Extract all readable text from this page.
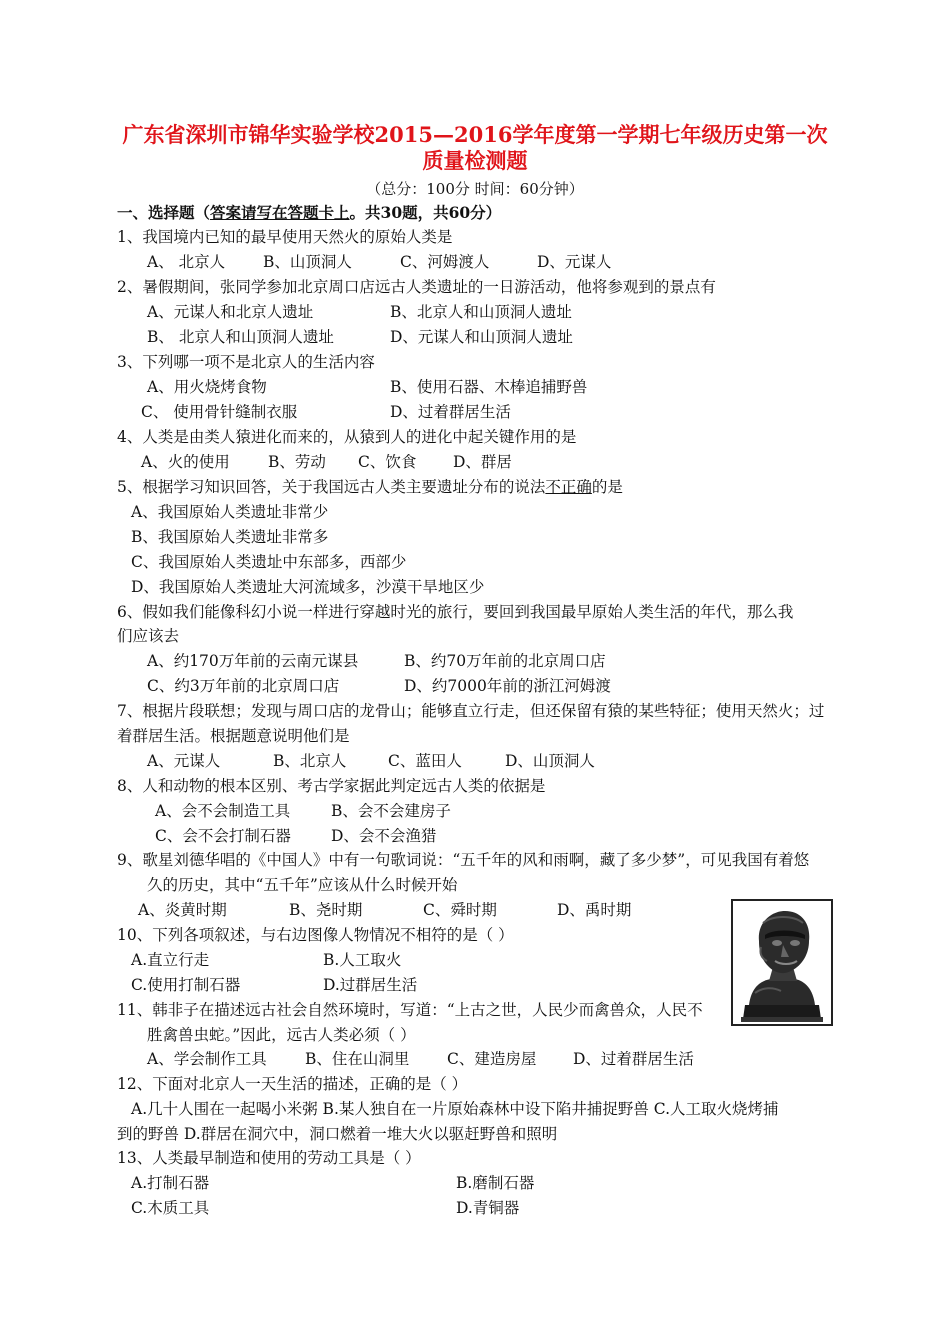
广东省深圳市锦华实验学校2015—2016学年度第一学期七年级历史第一次
质量检测题
（总分：100分 时间：60分钟）
一、选择题（答案请写在答题卡上。共30题，共60分）
1、我国境内已知的最早使用天然火的原始人类是
A、 北京人 B、山顶洞人	C、河姆渡人	D、元谋人
2、暑假期间，张同学参加北京周口店远古人类遗址的一日游活动，他将参观到的景点有
A、元谋人和北京人遗址	B、北京人和山顶洞人遗址
B、 北京人和山顶洞人遗址	D、元谋人和山顶洞人遗址
3、下列哪一项不是北京人的生活内容
A、用火烧烤食物	B、使用石器、木棒追捕野兽
C、 使用骨针缝制衣服	D、过着群居生活
4、人类是由类人猿进化而来的，从猿到人的进化中起关键作用的是
A、火的使用 B、劳动 C、饮食 D、群居
5、根据学习知识回答，关于我国远古人类主要遗址分布的说法不正确的是
A、我国原始人类遗址非常少
B、我国原始人类遗址非常多
C、我国原始人类遗址中东部多，西部少
D、我国原始人类遗址大河流域多，沙漠干旱地区少
6、假如我们能像科幻小说一样进行穿越时光的旅行，要回到我国最早原始人类生活的年代，那么我
们应该去
A、约170万年前的云南元谋县	B、约70万年前的北京周口店
C、约3万年前的北京周口店	D、约7000年前的浙江河姆渡
7、根据片段联想；发现与周口店的龙骨山；能够直立行走，但还保留有猿的某些特征；使用天然火；过
着群居生活。根据题意说明他们是
A、元谋人	B、北京人	C、蓝田人	D、山顶洞人
8、人和动物的根本区别、考古学家据此判定远古人类的依据是
A、会不会制造工具	B、会不会建房子
C、会不会打制石器	D、会不会渔猎
9、歌星刘德华唱的《中国人》中有一句歌词说：“五千年的风和雨啊，藏了多少梦”，可见我国有着悠
久的历史，其中“五千年”应该从什么时候开始
A、炎黄时期	B、尧时期	C、舜时期	D、禹时期
10、下列各项叙述，与右边图像人物情况不相符的是（ ）
A.直立行走	B.人工取火
C.使用打制石器	D.过群居生活
11、韩非子在描述远古社会自然环境时，写道：“上古之世，人民少而禽兽众，人民不
胜禽兽虫蛇。”因此，远古人类必须（ ）
A、学会制作工具 B、住在山洞里 C、建造房屋 D、过着群居生活
12、下面对北京人一天生活的描述，正确的是（ ）
A.几十人围在一起喝小米粥 B.某人独自在一片原始森林中设下陷井捕捉野兽 C.人工取火烧烤捕
到的野兽 D.群居在洞穴中，洞口燃着一堆大火以驱赶野兽和照明
13、人类最早制造和使用的劳动工具是（ ）
A.打制石器	B.磨制石器
C.木质工具	D.青铜器
